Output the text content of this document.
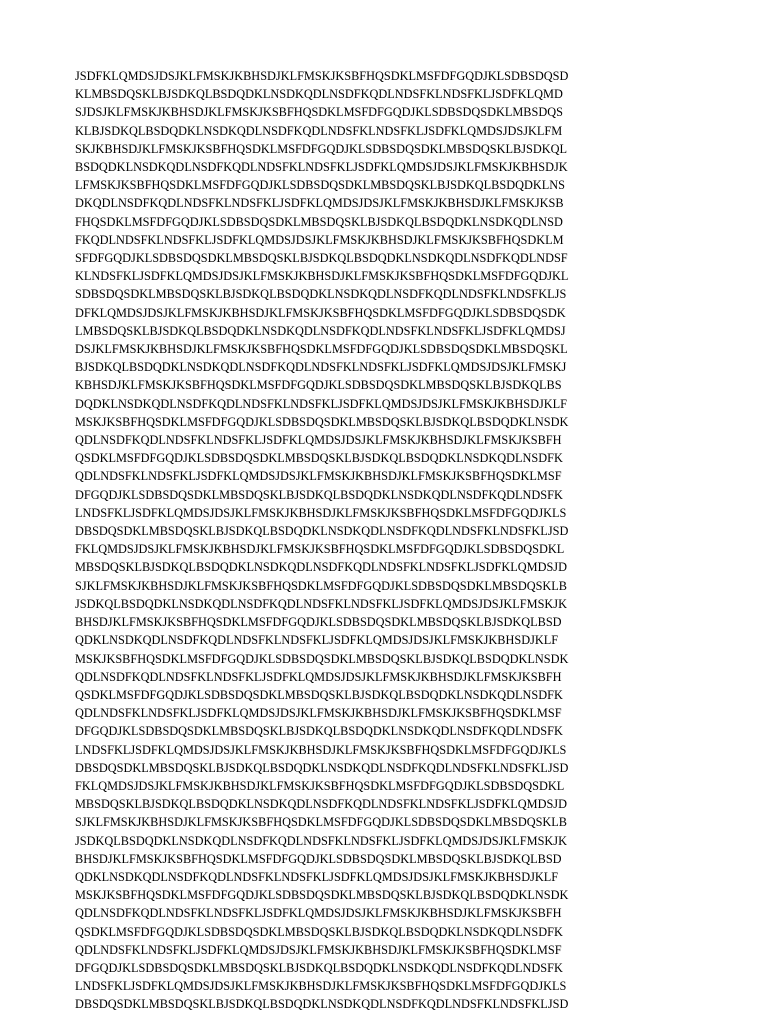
JSDFKLQMDSJDSJKLFMSKJKBHSDJKLFMSKJKSBFHQSDKLMSFDFGQDJKLSDBSDQSD
KLMBSDQSKLBJSDKQLBSDQDKLNSDKQDLNSDFKQDLNDSFKLNDSFKLJSDFKLQMD
SJDSJKLFMSKJKBHSDJKLFMSKJKSBFHQSDKLMSFDFGQDJKLSDBSDQSDKLMBSDQS
KLBJSDKQLBSDQDKLNSDKQDLNSDFKQDLNDSFKLNDSFKLJSDFKLQMDSJDSJKLFM
SKJKBHSDJKLFMSKJKSBFHQSDKLMSFDFGQDJKLSDBSDQSDKLMBSDQSKLBJSDKQL
BSDQDKLNSDKQDLNSDFKQDLNDSFKLNDSFKLJSDFKLQMDSJDSJKLFMSKJKBHSDJK
LFMSKJKSBFHQSDKLMSFDFGQDJKLSDBSDQSDKLMBSDQSKLBJSDKQLBSDQDKLNS
DKQDLNSDFKQDLNDSFKLNDSFKLJSDFKLQMDSJDSJKLFMSKJKBHSDJKLFMSKJKSB
FHQSDKLMSFDFGQDJKLSDBSDQSDKLMBSDQSKLBJSDKQLBSDQDKLNSDKQDLNSD
FKQDLNDSFKLNDSFKLJSDFKLQMDSJDSJKLFMSKJKBHSDJKLFMSKJKSBFHQSDKLM
SFDFGQDJKLSDBSDQSDKLMBSDQSKLBJSDKQLBSDQDKLNSDKQDLNSDFKQDLNDSF
KLNDSFKLJSDFKLQMDSJDSJKLFMSKJKBHSDJKLFMSKJKSBFHQSDKLMSFDFGQDJKL
SDBSDQSDKLMBSDQSKLBJSDKQLBSDQDKLNSDKQDLNSDFKQDLNDSFKLNDSFKLJS
DFKLQMDSJDSJKLFMSKJKBHSDJKLFMSKJKSBFHQSDKLMSFDFGQDJKLSDBSDQSDK
LMBSDQSKLBJSDKQLBSDQDKLNSDKQDLNSDFKQDLNDSFKLNDSFKLJSDFKLQMDSJ
DSJKLFMSKJKBHSDJKLFMSKJKSBFHQSDKLMSFDFGQDJKLSDBSDQSDKLMBSDQSKL
BJSDKQLBSDQDKLNSDKQDLNSDFKQDLNDSFKLNDSFKLJSDFKLQMDSJDSJKLFMSKJ
KBHSDJKLFMSKJKSBFHQSDKLMSFDFGQDJKLSDBSDQSDKLMBSDQSKLBJSDKQLBS
DQDKLNSDKQDLNSDFKQDLNDSFKLNDSFKLJSDFKLQMDSJDSJKLFMSKJKBHSDJKLF
MSKJKSBFHQSDKLMSFDFGQDJKLSDBSDQSDKLMBSDQSKLBJSDKQLBSDQDKLNSDK
QDLNSDFKQDLNDSFKLNDSFKLJSDFKLQMDSJDSJKLFMSKJKBHSDJKLFMSKJKSBFH
QSDKLMSFDFGQDJKLSDBSDQSDKLMBSDQSKLBJSDKQLBSDQDKLNSDKQDLNSDFK
QDLNDSFKLNDSFKLJSDFKLQMDSJDSJKLFMSKJKBHSDJKLFMSKJKSBFHQSDKLMSF
DFGQDJKLSDBSDQSDKLMBSDQSKLBJSDKQLBSDQDKLNSDKQDLNSDFKQDLNDSFK
LNDSFKLJSDFKLQMDSJDSJKLFMSKJKBHSDJKLFMSKJKSBFHQSDKLMSFDFGQDJKLS
DBSDQSDKLMBSDQSKLBJSDKQLBSDQDKLNSDKQDLNSDFKQDLNDSFKLNDSFKLJSD
FKLQMDSJDSJKLFMSKJKBHSDJKLFMSKJKSBFHQSDKLMSFDFGQDJKLSDBSDQSDKL
MBSDQSKLBJSDKQLBSDQDKLNSDKQDLNSDFKQDLNDSFKLNDSFKLJSDFKLQMDSJD
SJKLFMSKJKBHSDJKLFMSKJKSBFHQSDKLMSFDFGQDJKLSDBSDQSDKLMBSDQSKLB
JSDKQLBSDQDKLNSDKQDLNSDFKQDLNDSFKLNDSFKLJSDFKLQMDSJDSJKLFMSKJK
BHSDJKLFMSKJKSBFHQSDKLMSFDFGQDJKLSDBSDQSDKLMBSDQSKLBJSDKQLBSD
QDKLNSDKQDLNSDFKQDLNDSFKLNDSFKLJSDFKLQMDSJDSJKLFMSKJKBHSDJKLF
MSKJKSBFHQSDKLMSFDFGQDJKLSDBSDQSDKLMBSDQSKLBJSDKQLBSDQDKLNSDK
QDLNSDFKQDLNDSFKLNDSFKLJSDFKLQMDSJDSJKLFMSKJKBHSDJKLFMSKJKSBFH
QSDKLMSFDFGQDJKLSDBSDQSDKLMBSDQSKLBJSDKQLBSDQDKLNSDKQDLNSDFK
QDLNDSFKLNDSFKLJSDFKLQMDSJDSJKLFMSKJKBHSDJKLFMSKJKSBFHQSDKLMSF
DFGQDJKLSDBSDQSDKLMBSDQSKLBJSDKQLBSDQDKLNSDKQDLNSDFKQDLNDSFK
LNDSFKLJSDFKLQMDSJDSJKLFMSKJKBHSDJKLFMSKJKSBFHQSDKLMSFDFGQDJKLS
DBSDQSDKLMBSDQSKLBJSDKQLBSDQDKLNSDKQDLNSDFKQDLNDSFKLNDSFKLJSD
FKLQMDSJDSJKLFMSKJKBHSDJKLFMSKJKSBFHQSDKLMSFDFGQDJKLSDBSDQSDKL
MBSDQSKLBJSDKQLBSDQDKLNSDKQDLNSDFKQDLNDSFKLNDSFKLJSDFKLQMDSJD
SJKLFMSKJKBHSDJKLFMSKJKSBFHQSDKLMSFDFGQDJKLSDBSDQSDKLMBSDQSKLB
JSDKQLBSDQDKLNSDKQDLNSDFKQDLNDSFKLNDSFKLJSDFKLQMDSJDSJKLFMSKJK
BHSDJKLFMSKJKSBFHQSDKLMSFDFGQDJKLSDBSDQSDKLMBSDQSKLBJSDKQLBSD
QDKLNSDKQDLNSDFKQDLNDSFKLNDSFKLJSDFKLQMDSJDSJKLFMSKJKBHSDJKLF
MSKJKSBFHQSDKLMSFDFGQDJKLSDBSDQSDKLMBSDQSKLBJSDKQLBSDQDKLNSDK
QDLNSDFKQDLNDSFKLNDSFKLJSDFKLQMDSJDSJKLFMSKJKBHSDJKLFMSKJKSBFH
QSDKLMSFDFGQDJKLSDBSDQSDKLMBSDQSKLBJSDKQLBSDQDKLNSDKQDLNSDFK
QDLNDSFKLNDSFKLJSDFKLQMDSJDSJKLFMSKJKBHSDJKLFMSKJKSBFHQSDKLMSF
DFGQDJKLSDBSDQSDKLMBSDQSKLBJSDKQLBSDQDKLNSDKQDLNSDFKQDLNDSFK
LNDSFKLJSDFKLQMDSJDSJKLFMSKJKBHSDJKLFMSKJKSBFHQSDKLMSFDFGQDJKLS
DBSDQSDKLMBSDQSKLBJSDKQLBSDQDKLNSDKQDLNSDFKQDLNDSFKLNDSFKLJSD
